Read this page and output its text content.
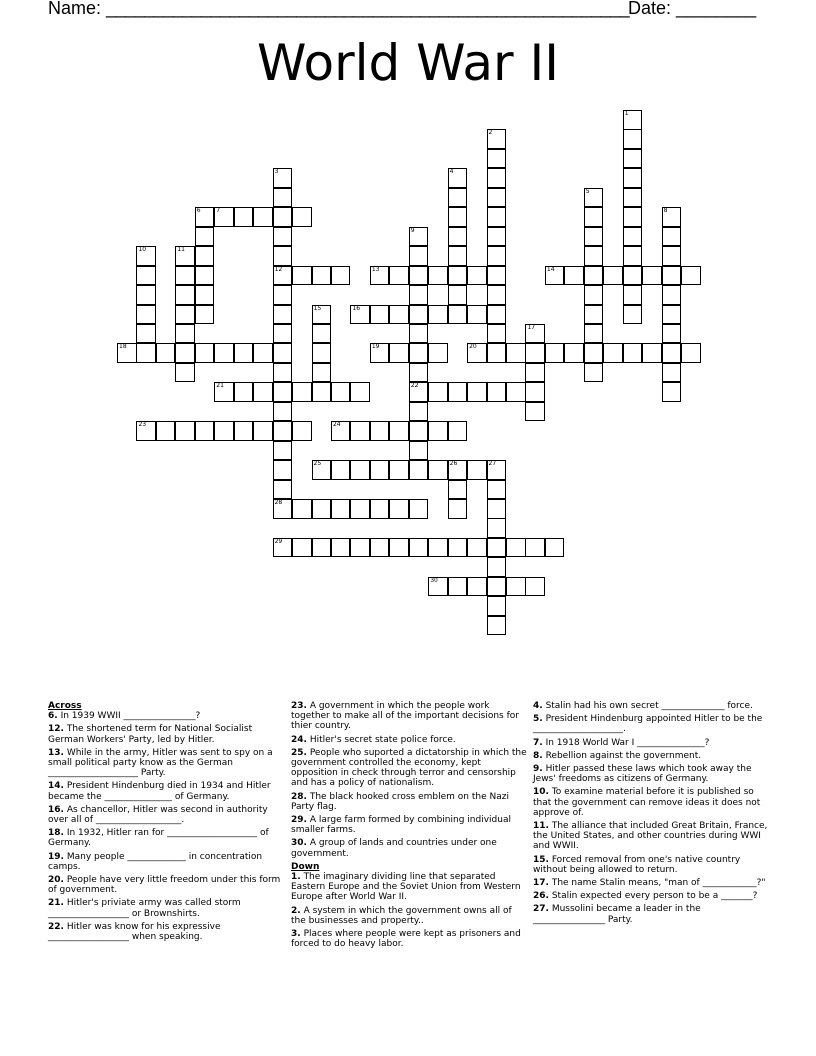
Name: _______________________________________________________
Date: ________
World War II
1
2
3
12
4
5
6	8
9
22
10	11
15
17
26	27
7
13	14
16
18	19	20
21
23	24
25
28
29
30
Across
6. In 1939 WWII ________________?
12. The shortened term for National Socialist German Workers' Party, led by Hitler.
13. While in the army, Hitler was sent to spy on a small political party know as the German ____________________ Party.
14. President Hindenburg died in 1934 and Hitler became the _______________ of Germany.
16. As chancellor, Hitler was second in authority over all of ___________________.
18. In 1932, Hitler ran for ____________________ of Germany.
19. Many people _____________ in concentration camps.
20. People have very little freedom under this form of government.
21. Hitler's priviate army was called storm __________________ or Brownshirts.
22. Hitler was know for his expressive __________________ when speaking.
23. A government in which the people work together to make all of the important decisions for thier country.
24. Hitler's secret state police force.
25. People who suported a dictatorship in which the government controlled the economy, kept opposition in check through terror and censorship and has a policy of nationalism.
28. The black hooked cross emblem on the Nazi Party flag.
29. A large farm formed by combining individual smaller farms.
30. A group of lands and countries under one government.
Down
1. The imaginary dividing line that separated Eastern Europe and the Soviet Union from Western Europe after World War II.
2. A system in which the government owns all of the businesses and property..
3. Places where people were kept as prisoners and forced to do heavy labor.
4. Stalin had his own secret ______________ force.
5. President Hindenburg appointed Hitler to be the ____________________.
7. In 1918 World War I _______________?
8. Rebellion against the government.
9. Hitler passed these laws which took away the Jews' freedoms as citizens of Germany.
10. To examine material before it is published so that the government can remove ideas it does not approve of.
11. The alliance that included Great Britain, France, the United States, and other countries during WWI and WWII.
15. Forced removal from one's native country without being allowed to return.
17. The name Stalin means, "man of ____________?"
26. Stalin expected every person to be a _______?
27. Mussolini became a leader in the ________________ Party.
